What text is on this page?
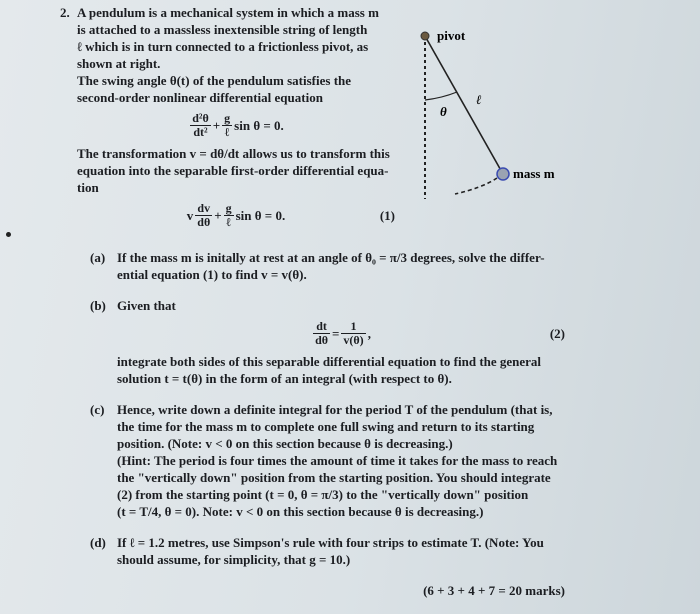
2. A pendulum is a mechanical system in which a mass m
is attached to a massless inextensible string of length
ℓ which is in turn connected to a frictionless pivot, as
shown at right.
The swing angle θ(t) of the pendulum satisfies the
second-order nonlinear differential equation
$\frac{\text{d²θ}}{\text{dt²}} + \frac{g}{\text{ℓ}}$ sin θ = 0.
The transformation v = dθ/dt allows us to transform this
equation into the separable first-order differential equa-
tion
v $\frac{dv}{d\theta} + \frac{g}{\text{ℓ}}$ sin θ = 0.	(1)
pivot
ℓ
θ
mass m
(a) If the mass m is initally at rest at an angle of θ₀ = π/3 degrees, solve the differ-
ential equation (1) to find v = v(θ).
(b) Given that
$\frac{dt}{d\theta} = \frac{1}{v(\theta)}$ ,	(2)
integrate both sides of this separable differential equation to find the general
solution t = t(θ) in the form of an integral (with respect to θ).
(c) Hence, write down a definite integral for the period T of the pendulum (that is,
the time for the mass m to complete one full swing and return to its starting
position. (Note: v < 0 on this section because θ is decreasing.)
(Hint: The period is four times the amount of time it takes for the mass to reach
the "vertically down" position from the starting position. You should integrate
(2) from the starting point (t = 0, θ = π/3) to the "vertically down" position
(t = T/4, θ = 0). Note: v < 0 on this section because θ is decreasing.)
(d) If ℓ = 1.2 metres, use Simpson's rule with four strips to estimate T. (Note: You
should assume, for simplicity, that g = 10.)
(6 + 3 + 4 + 7 = 20 marks)
